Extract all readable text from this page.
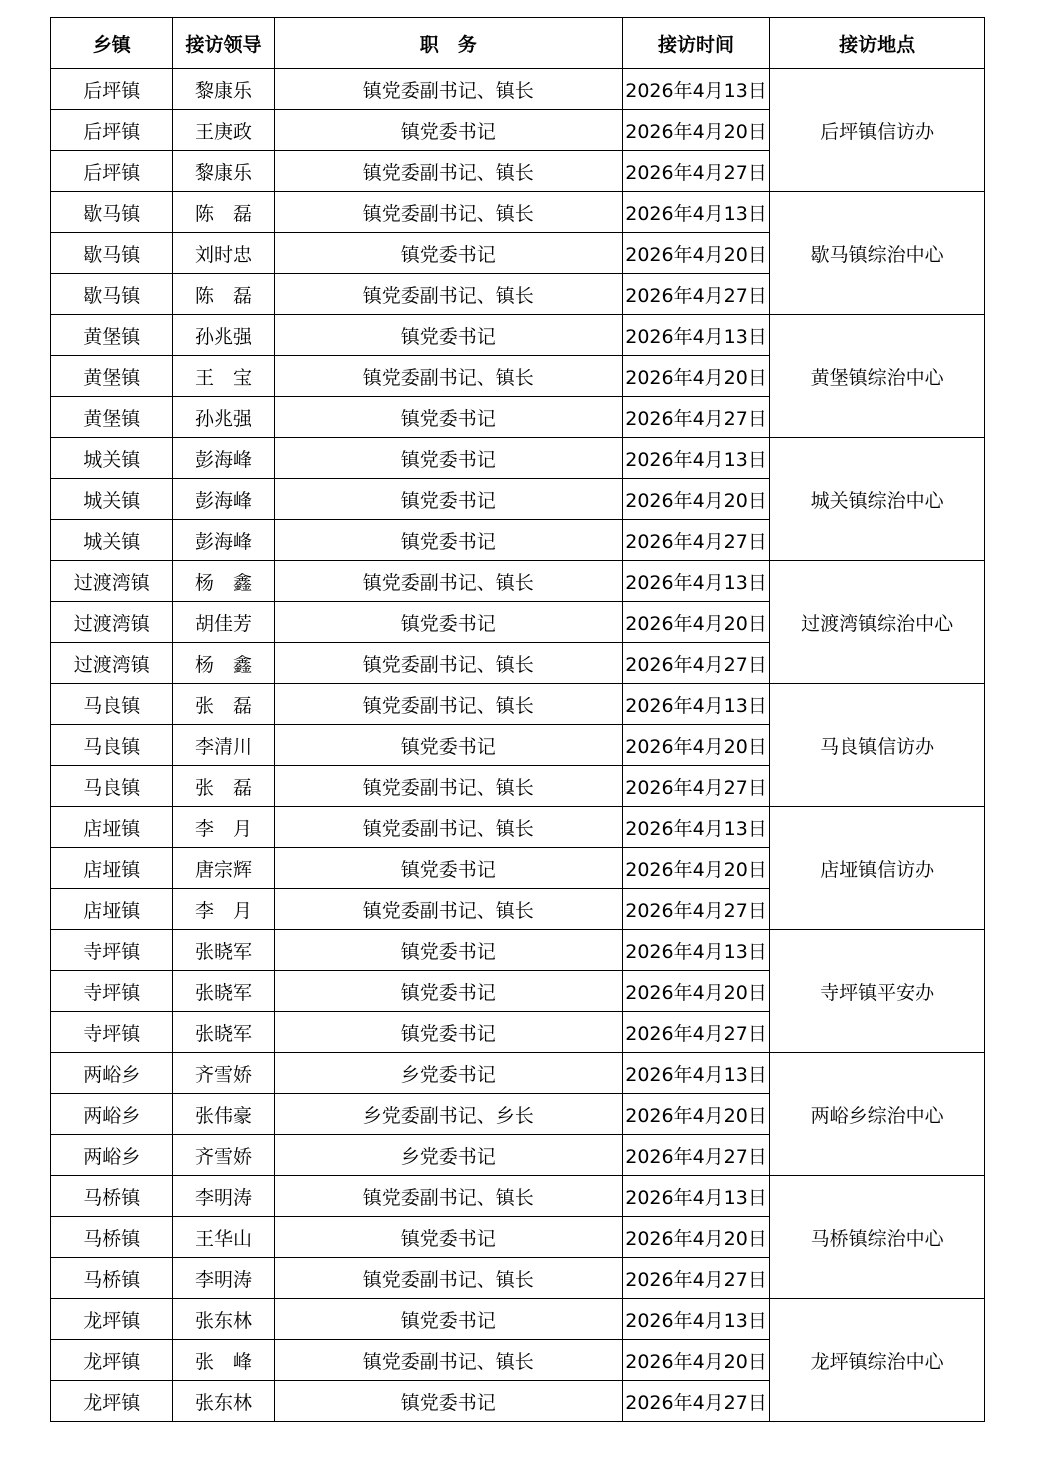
乡镇	接访领导	职　务	接访时间	接访地点
后坪镇	黎康乐	镇党委副书记、镇长	2026年4月13日	后坪镇信访办
后坪镇	王庚政	镇党委书记	2026年4月20日	
后坪镇	黎康乐	镇党委副书记、镇长	2026年4月27日	
歇马镇	陈　磊	镇党委副书记、镇长	2026年4月13日	歇马镇综治中心
歇马镇	刘时忠	镇党委书记	2026年4月20日	
歇马镇	陈　磊	镇党委副书记、镇长	2026年4月27日	
黄堡镇	孙兆强	镇党委书记	2026年4月13日	黄堡镇综治中心
黄堡镇	王　宝	镇党委副书记、镇长	2026年4月20日	
黄堡镇	孙兆强	镇党委书记	2026年4月27日	
城关镇	彭海峰	镇党委书记	2026年4月13日	城关镇综治中心
城关镇	彭海峰	镇党委书记	2026年4月20日	
城关镇	彭海峰	镇党委书记	2026年4月27日	
过渡湾镇	杨　鑫	镇党委副书记、镇长	2026年4月13日	过渡湾镇综治中心
过渡湾镇	胡佳芳	镇党委书记	2026年4月20日	
过渡湾镇	杨　鑫	镇党委副书记、镇长	2026年4月27日	
马良镇	张　磊	镇党委副书记、镇长	2026年4月13日	马良镇信访办
马良镇	李清川	镇党委书记	2026年4月20日	
马良镇	张　磊	镇党委副书记、镇长	2026年4月27日	
店垭镇	李　月	镇党委副书记、镇长	2026年4月13日	店垭镇信访办
店垭镇	唐宗辉	镇党委书记	2026年4月20日	
店垭镇	李　月	镇党委副书记、镇长	2026年4月27日	
寺坪镇	张晓军	镇党委书记	2026年4月13日	寺坪镇平安办
寺坪镇	张晓军	镇党委书记	2026年4月20日	
寺坪镇	张晓军	镇党委书记	2026年4月27日	
两峪乡	齐雪娇	乡党委书记	2026年4月13日	两峪乡综治中心
两峪乡	张伟豪	乡党委副书记、乡长	2026年4月20日	
两峪乡	齐雪娇	乡党委书记	2026年4月27日	
马桥镇	李明涛	镇党委副书记、镇长	2026年4月13日	马桥镇综治中心
马桥镇	王华山	镇党委书记	2026年4月20日	
马桥镇	李明涛	镇党委副书记、镇长	2026年4月27日	
龙坪镇	张东林	镇党委书记	2026年4月13日	龙坪镇综治中心
龙坪镇	张　峰	镇党委副书记、镇长	2026年4月20日	
龙坪镇	张东林	镇党委书记	2026年4月27日	
